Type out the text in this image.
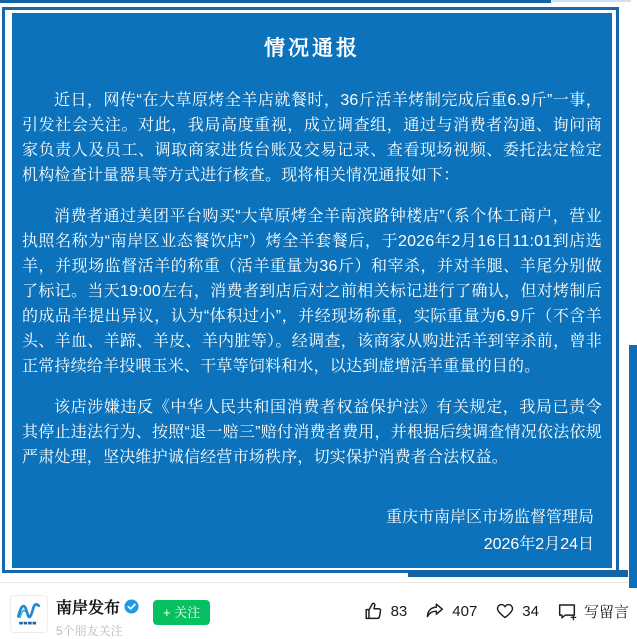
情况通报

近日，网传“在大草原烤全羊店就餐时，36斤活羊烤制完成后重6.9斤”一事，引发社会关注。对此，我局高度重视，成立调查组，通过与消费者沟通、询问商家负责人及员工、调取商家进货台账及交易记录、查看现场视频、委托法定检定机构检查计量器具等方式进行核查。现将相关情况通报如下：

消费者通过美团平台购买“大草原烤全羊南滨路钟楼店”（系个体工商户，营业执照名称为“南岸区业态餐饮店”）烤全羊套餐后，于2026年2月16日11:01到店选羊，并现场监督活羊的称重（活羊重量为36斤）和宰杀，并对羊腿、羊尾分别做了标记。当天19:00左右，消费者到店后对之前相关标记进行了确认，但对烤制后的成品羊提出异议，认为“体积过小”，并经现场称重，实际重量为6.9斤（不含羊头、羊血、羊蹄、羊皮、羊内脏等）。经调查，该商家从购进活羊到宰杀前，曾非正常持续给羊投喂玉米、干草等饲料和水，以达到虚增活羊重量的目的。

该店涉嫌违反《中华人民共和国消费者权益保护法》有关规定，我局已责令其停止违法行为、按照“退一赔三”赔付消费者费用，并根据后续调查情况依法依规严肃处理，坚决维护诚信经营市场秩序，切实保护消费者合法权益。

重庆市南岸区市场监督管理局
2026年2月24日
南岸发布
5个朋友关注
+ 关注	83	407	34	写留言
